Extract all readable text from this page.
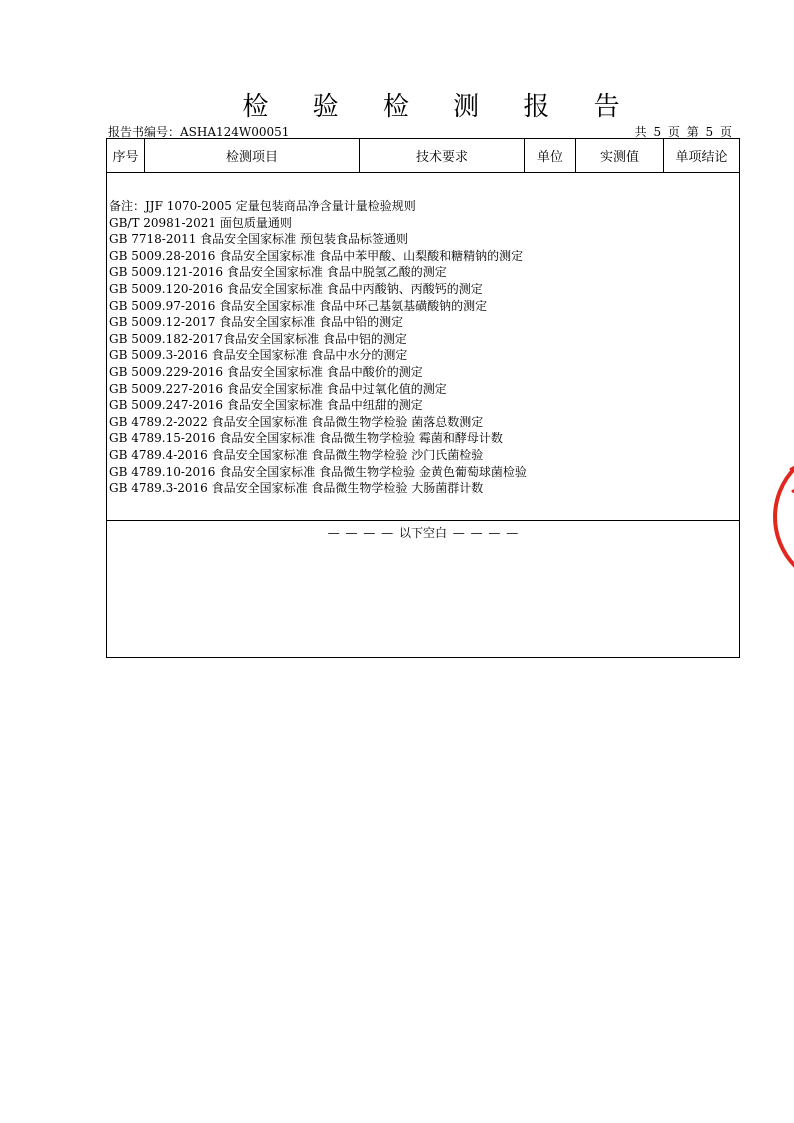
检 验 检 测 报 告
报告书编号：ASHA124W00051	共 5 页 第 5 页
序号	检测项目	技术要求	单位	实测值	单项结论
备注：JJF 1070-2005 定量包装商品净含量计量检验规则
GB/T 20981-2021 面包质量通则
GB 7718-2011 食品安全国家标准 预包装食品标签通则
GB 5009.28-2016 食品安全国家标准 食品中苯甲酸、山梨酸和糖精钠的测定
GB 5009.121-2016 食品安全国家标准 食品中脱氢乙酸的测定
GB 5009.120-2016 食品安全国家标准 食品中丙酸钠、丙酸钙的测定
GB 5009.97-2016 食品安全国家标准 食品中环己基氨基磺酸钠的测定
GB 5009.12-2017 食品安全国家标准 食品中铅的测定
GB 5009.182-2017食品安全国家标准 食品中铝的测定
GB 5009.3-2016 食品安全国家标准 食品中水分的测定
GB 5009.229-2016 食品安全国家标准 食品中酸价的测定
GB 5009.227-2016 食品安全国家标准 食品中过氧化值的测定
GB 5009.247-2016 食品安全国家标准 食品中纽甜的测定
GB 4789.2-2022 食品安全国家标准 食品微生物学检验 菌落总数测定
GB 4789.15-2016 食品安全国家标准 食品微生物学检验 霉菌和酵母计数
GB 4789.4-2016 食品安全国家标准 食品微生物学检验 沙门氏菌检验
GB 4789.10-2016 食品安全国家标准 食品微生物学检验 金黄色葡萄球菌检验
GB 4789.3-2016 食品安全国家标准 食品微生物学检验 大肠菌群计数
— — — — 以下空白 — — — —
